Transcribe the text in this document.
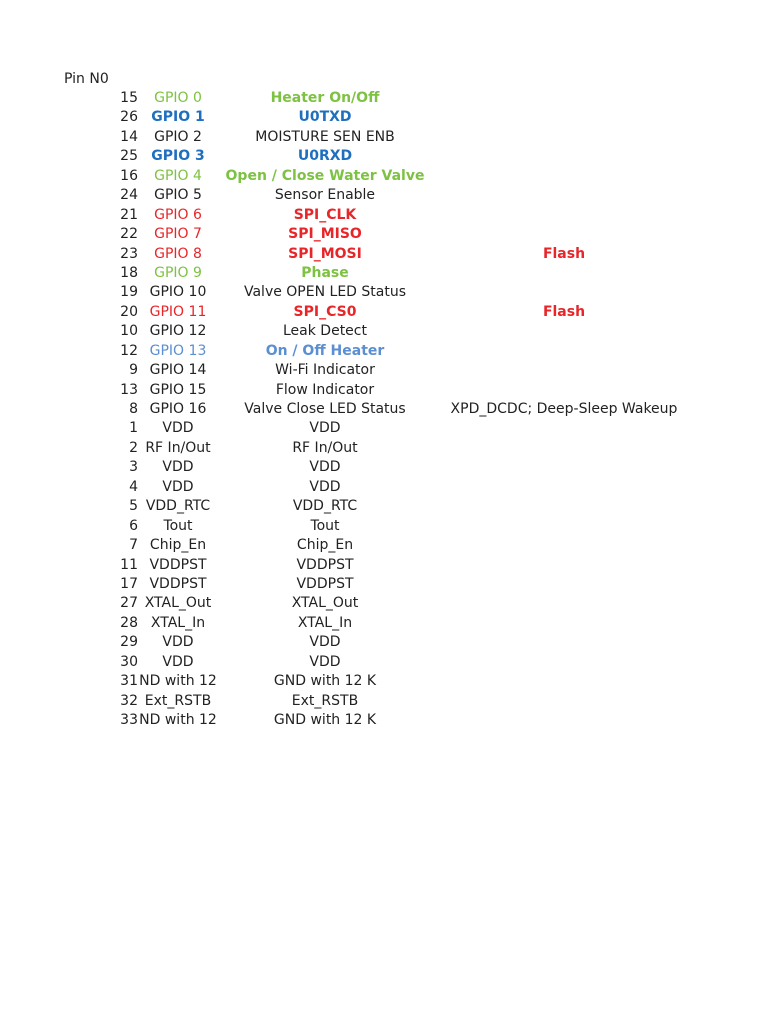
Pin N0
15	GPIO 0	Heater On/Off
26 GPIO 1	U0TXD
14	GPIO 2	MOISTURE SEN ENB
25 GPIO 3	U0RXD
16	GPIO 4	Open / Close Water Valve
24	GPIO 5	Sensor Enable
21	GPIO 6	SPI_CLK
22	GPIO 7	SPI_MISO
23	GPIO 8	SPI_MOSI	Flash
18	GPIO 9	Phase
19 GPIO 10	Valve OPEN LED Status
20 GPIO 11	SPI_CS0	Flash
10 GPIO 12	Leak Detect
12 GPIO 13	On / Off Heater
9 GPIO 14	Wi-Fi Indicator
13 GPIO 15	Flow Indicator
8 GPIO 16	Valve Close LED Status	XPD_DCDC; Deep-Sleep Wakeup
1	VDD	VDD
2 RF In/Out	RF In/Out
3	VDD	VDD
4	VDD	VDD
5 VDD_RTC	VDD_RTC
6	Tout	Tout
7 Chip_En	Chip_En
11 VDDPST	VDDPST
17 VDDPST	VDDPST
27 XTAL_Out	XTAL_Out
28 XTAL_In	XTAL_In
29	VDD	VDD
30	VDD	VDD
31 ND with 12	GND with 12 K
32 Ext_RSTB	Ext_RSTB
33 ND with 12	GND with 12 K
